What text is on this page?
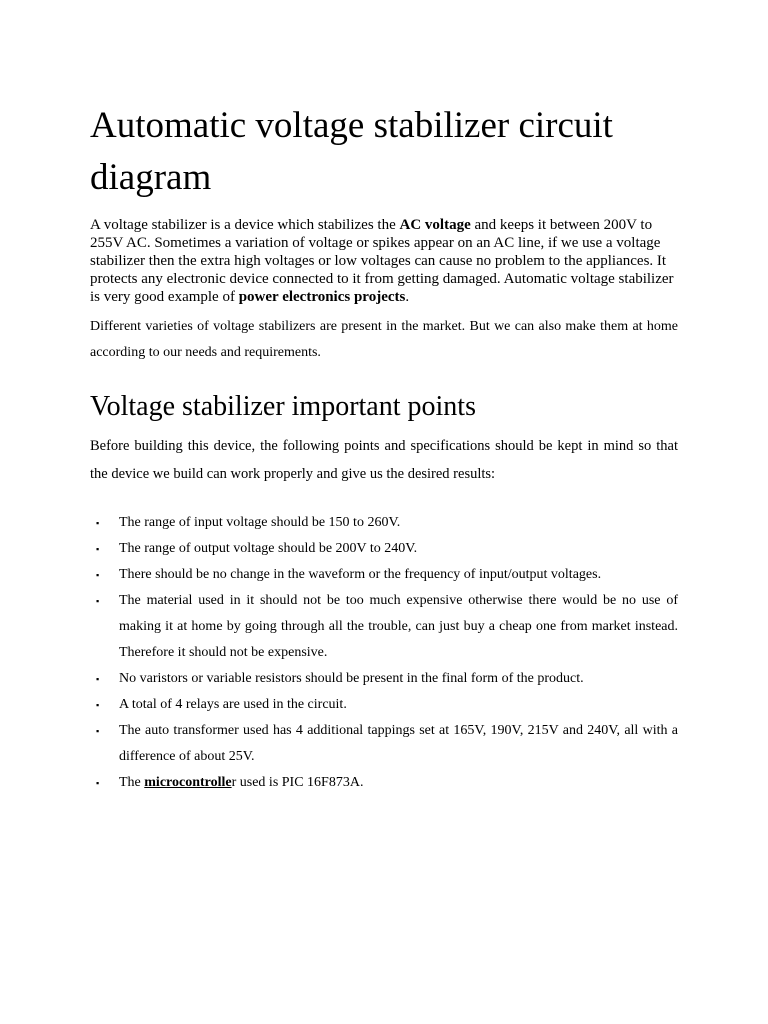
Automatic voltage stabilizer circuit diagram

A voltage stabilizer is a device which stabilizes the AC voltage and keeps it between 200V to 255V AC. Sometimes a variation of voltage or spikes appear on an AC line, if we use a voltage stabilizer then the extra high voltages or low voltages can cause no problem to the appliances. It protects any electronic device connected to it from getting damaged. Automatic voltage stabilizer is very good example of power electronics projects.

Different varieties of voltage stabilizers are present in the market. But we can also make them at home according to our needs and requirements.

Voltage stabilizer important points

Before building this device, the following points and specifications should be kept in mind so that the device we build can work properly and give us the desired results:

▪ The range of input voltage should be 150 to 260V.
▪ The range of output voltage should be 200V to 240V.
▪ There should be no change in the waveform or the frequency of input/output voltages.
▪ The material used in it should not be too much expensive otherwise there would be no use of making it at home by going through all the trouble, can just buy a cheap one from market instead. Therefore it should not be expensive.
▪ No varistors or variable resistors should be present in the final form of the product.
▪ A total of 4 relays are used in the circuit.
▪ The auto transformer used has 4 additional tappings set at 165V, 190V, 215V and 240V, all with a difference of about 25V.
▪ The microcontroller used is PIC 16F873A.
